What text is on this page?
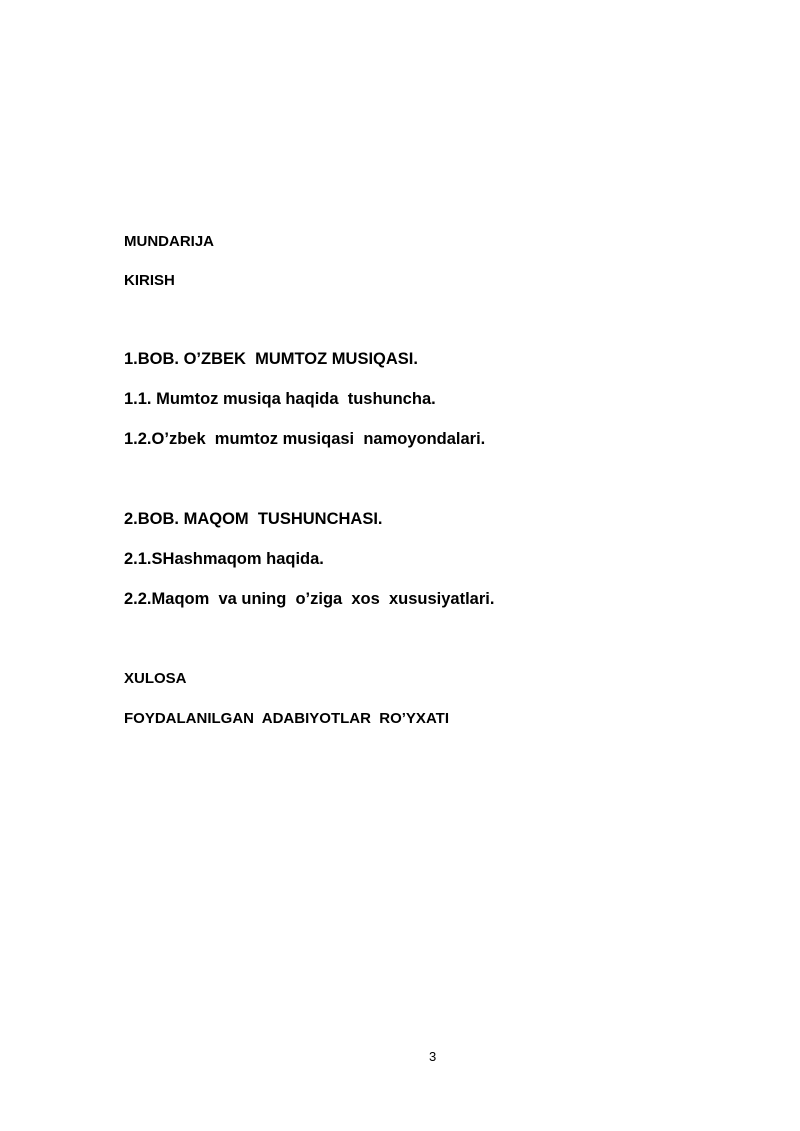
MUNDARIJA
KIRISH
1.BOB. O’ZBEK  MUMTOZ MUSIQASI.
1.1. Mumtoz musiqa haqida  tushuncha.
1.2.O’zbek  mumtoz musiqasi  namoyondalari.
2.BOB. MAQOM  TUSHUNCHASI.
2.1.SHashmaqom haqida.
2.2.Maqom  va uning  o’ziga  xos  xususiyatlari.
XULOSA
FOYDALANILGAN  ADABIYOTLAR  RO’YXATI
3
